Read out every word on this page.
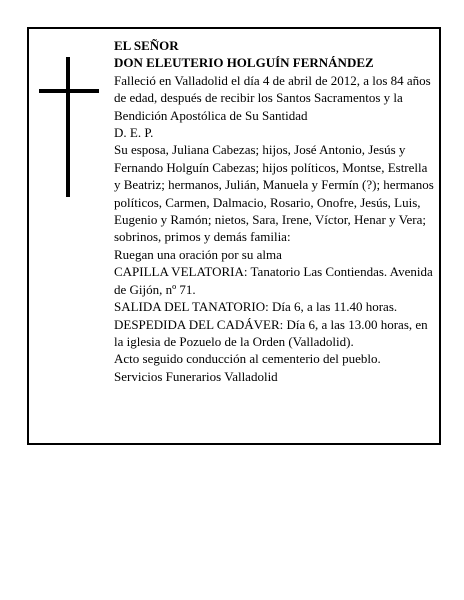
EL SEÑOR

DON ELEUTERIO HOLGUÍN FERNÁNDEZ

Falleció en Valladolid el día 4 de abril de 2012, a los 84 años de edad, después de recibir los Santos Sacramentos y la Bendición Apostólica de Su Santidad

D. E. P.

Su esposa, Juliana Cabezas; hijos, José Antonio, Jesús y Fernando Holguín Cabezas; hijos políticos, Montse, Estrella y Beatriz; hermanos, Julián, Manuela y Fermín (?); hermanos políticos, Carmen, Dalmacio, Rosario, Onofre, Jesús, Luis, Eugenio y Ramón; nietos, Sara, Irene, Víctor, Henar y Vera; sobrinos, primos y demás familia:

Ruegan una oración por su alma

CAPILLA VELATORIA: Tanatorio Las Contiendas. Avenida de Gijón, nº 71.

SALIDA DEL TANATORIO: Día 6, a las 11.40 horas.

DESPEDIDA DEL CADÁVER: Día 6, a las 13.00 horas, en la iglesia de Pozuelo de la Orden (Valladolid).

Acto seguido conducción al cementerio del pueblo.

Servicios Funerarios Valladolid
